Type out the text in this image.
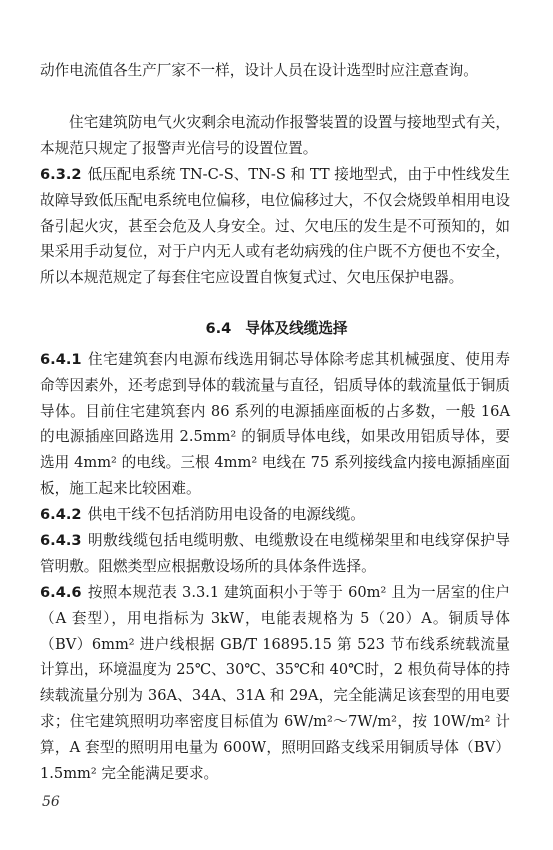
动作电流值各生产厂家不一样，设计人员在设计选型时应注意查询。

住宅建筑防电气火灾剩余电流动作报警装置的设置与接地型式有关，本规范只规定了报警声光信号的设置位置。

6.3.2 低压配电系统 TN-C-S、TN-S 和 TT 接地型式，由于中性线发生故障导致低压配电系统电位偏移，电位偏移过大，不仅会烧毁单相用电设备引起火灾，甚至会危及人身安全。过、欠电压的发生是不可预知的，如果采用手动复位，对于户内无人或有老幼病残的住户既不方便也不安全，所以本规范规定了每套住宅应设置自恢复式过、欠电压保护电器。

6.4 导体及线缆选择

6.4.1 住宅建筑套内电源布线选用铜芯导体除考虑其机械强度、使用寿命等因素外，还考虑到导体的载流量与直径，铝质导体的载流量低于铜质导体。目前住宅建筑套内 86 系列的电源插座面板的占多数，一般 16A 的电源插座回路选用 2.5mm² 的铜质导体电线，如果改用铝质导体，要选用 4mm² 的电线。三根 4mm² 电线在 75 系列接线盒内接电源插座面板，施工起来比较困难。

6.4.2 供电干线不包括消防用电设备的电源线缆。

6.4.3 明敷线缆包括电缆明敷、电缆敷设在电缆梯架里和电线穿保护导管明敷。阻燃类型应根据敷设场所的具体条件选择。

6.4.6 按照本规范表 3.3.1 建筑面积小于等于 60m² 且为一居室的住户（A 套型），用电指标为 3kW，电能表规格为 5（20）A。铜质导体（BV）6mm² 进户线根据 GB/T 16895.15 第 523 节布线系统载流量计算出，环境温度为 25℃、30℃、35℃和 40℃时，2 根负荷导体的持续载流量分别为 36A、34A、31A 和 29A，完全能满足该套型的用电要求；住宅建筑照明功率密度目标值为 6W/m²～7W/m²，按 10W/m² 计算，A 套型的照明用电量为 600W，照明回路支线采用铜质导体（BV）1.5mm² 完全能满足要求。

56
